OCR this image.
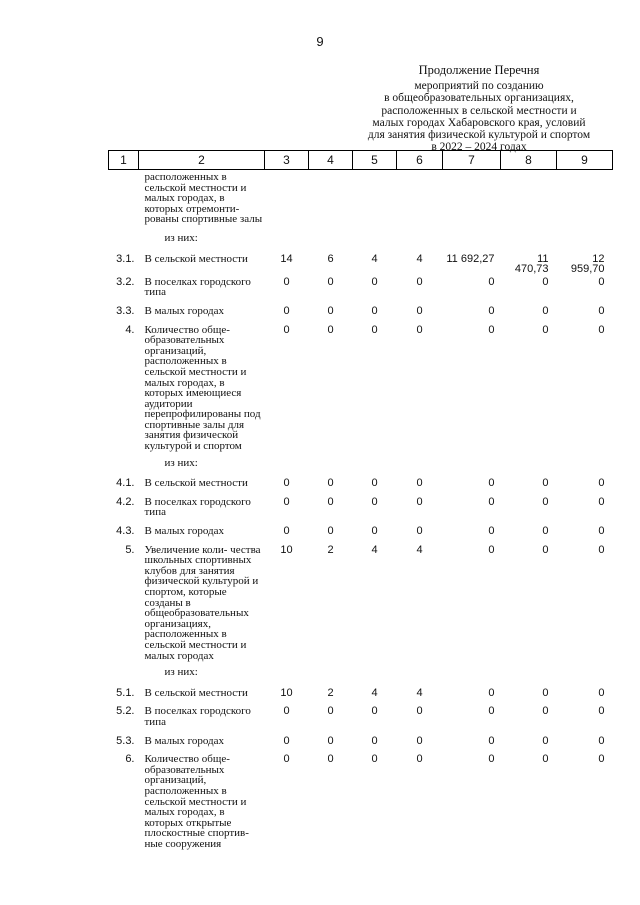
9
Продолжение Перечня
мероприятий по созданию
в общеобразовательных организациях,
расположенных в сельской местности и
малых городах Хабаровского края, условий
для занятия физической культурой и спортом
в 2022 – 2024 годах
1	2	3	4	5	6	7	8	9
	расположенных в сельской местности и малых городах, в которых отремонти- рованы спортивные залы							
	из них:							
3.1.	В сельской местности	14	6	4	4	11 692,27	11 470,73	12 959,70
3.2.	В поселках городского типа	0	0	0	0	0	0	0
3.3.	В малых городах	0	0	0	0	0	0	0
4.	Количество обще- образовательных организаций, расположенных в сельской местности и малых городах, в которых имеющиеся аудитории перепрофилированы под спортивные залы для занятия физической культурой и спортом	0	0	0	0	0	0	0
	из них:							
4.1.	В сельской местности	0	0	0	0	0	0	0
4.2.	В поселках городского типа	0	0	0	0	0	0	0
4.3.	В малых городах	0	0	0	0	0	0	0
5.	Увеличение коли- чества школьных спортивных клубов для занятия физической культурой и спортом, которые созданы в общеобразовательных организациях, расположенных в сельской местности и малых городах	10	2	4	4	0	0	0
	из них:							
5.1.	В сельской местности	10	2	4	4	0	0	0
5.2.	В поселках городского типа	0	0	0	0	0	0	0
5.3.	В малых городах	0	0	0	0	0	0	0
6.	Количество обще- образовательных организаций, расположенных в сельской местности и малых городах, в которых открытые плоскостные спортив- ные сооружения	0	0	0	0	0	0	0
